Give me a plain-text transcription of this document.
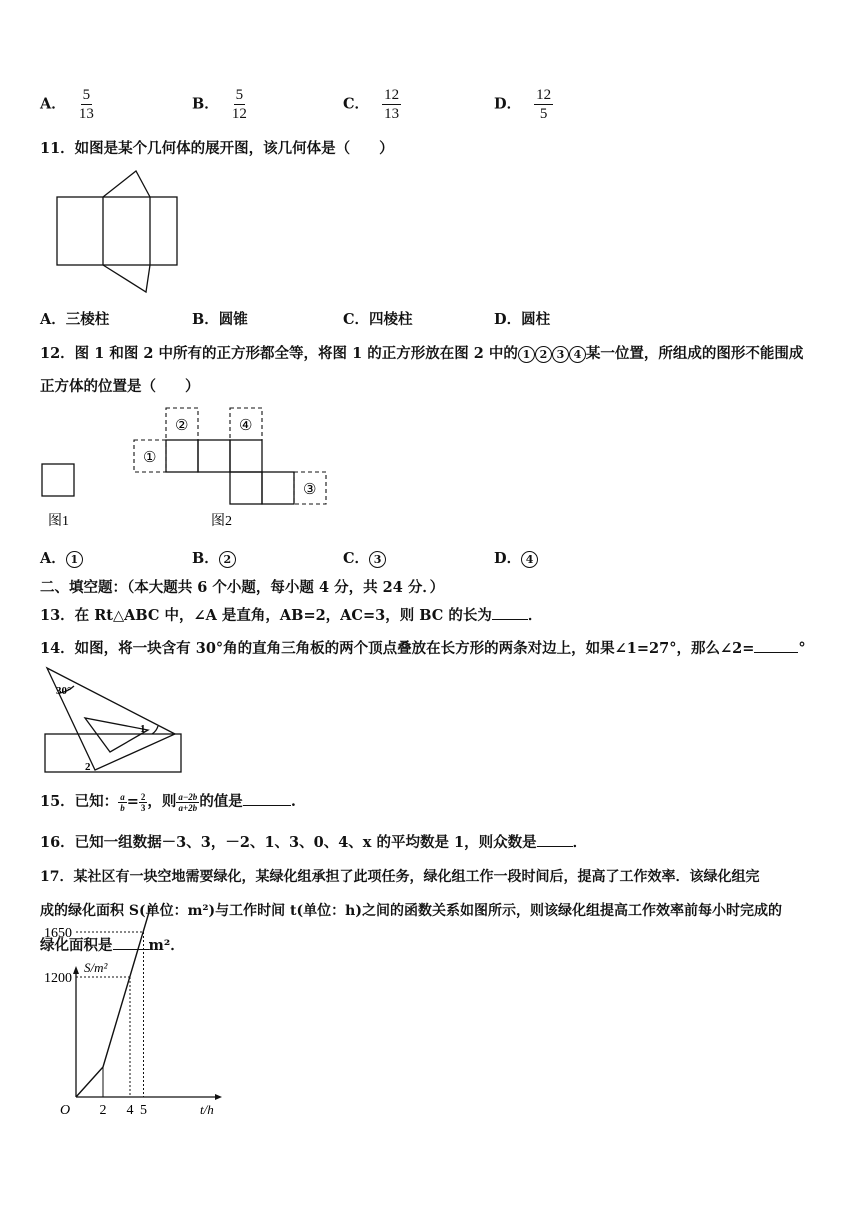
A． $\frac{5}{13}$	B． $\frac{5}{12}$	C． $\frac{12}{13}$	D． $\frac{12}{5}$
11．如图是某个几何体的展开图，该几何体是（　　）
A．三棱柱	B．圆锥	C．四棱柱	D．圆柱
12．图 1 和图 2 中所有的正方形都全等，将图 1 的正方形放在图 2 中的 1 2 3 4 某一位置，所组成的图形不能围成
正方体的位置是（　　）
图1
①
②
③
④
图2
A． 1	B． 2	C． 3	D． 4
二、填空题：（本大题共 6 个小题，每小题 4 分，共 24 分．）
13．在 Rt△ABC 中，∠A 是直角，AB=2，AC=3，则 BC 的长为 ．
14．如图，将一块含有 30°角的直角三角板的两个顶点叠放在长方形的两条对边上，如果∠1=27°，那么∠2=	°
30°
1
2
15．已知： $\frac{a}{b} = \frac{2}{3}$ ，则 $\frac{a-2b}{a+2b}$ 的值是	.
16．已知一组数据－3、3，－2、1、3、0、4、x 的平均数是 1，则众数是 ．
17．某社区有一块空地需要绿化，某绿化组承担了此项任务，绿化组工作一段时间后，提高了工作效率．该绿化组完
成的绿化面积 S(单位：m²)与工作时间 t(单位：h)之间的函数关系如图所示，则该绿化组提高工作效率前每小时完成的
绿化面积是 m²．
S/m²
t/h
O
1200
1650
2 4 5
